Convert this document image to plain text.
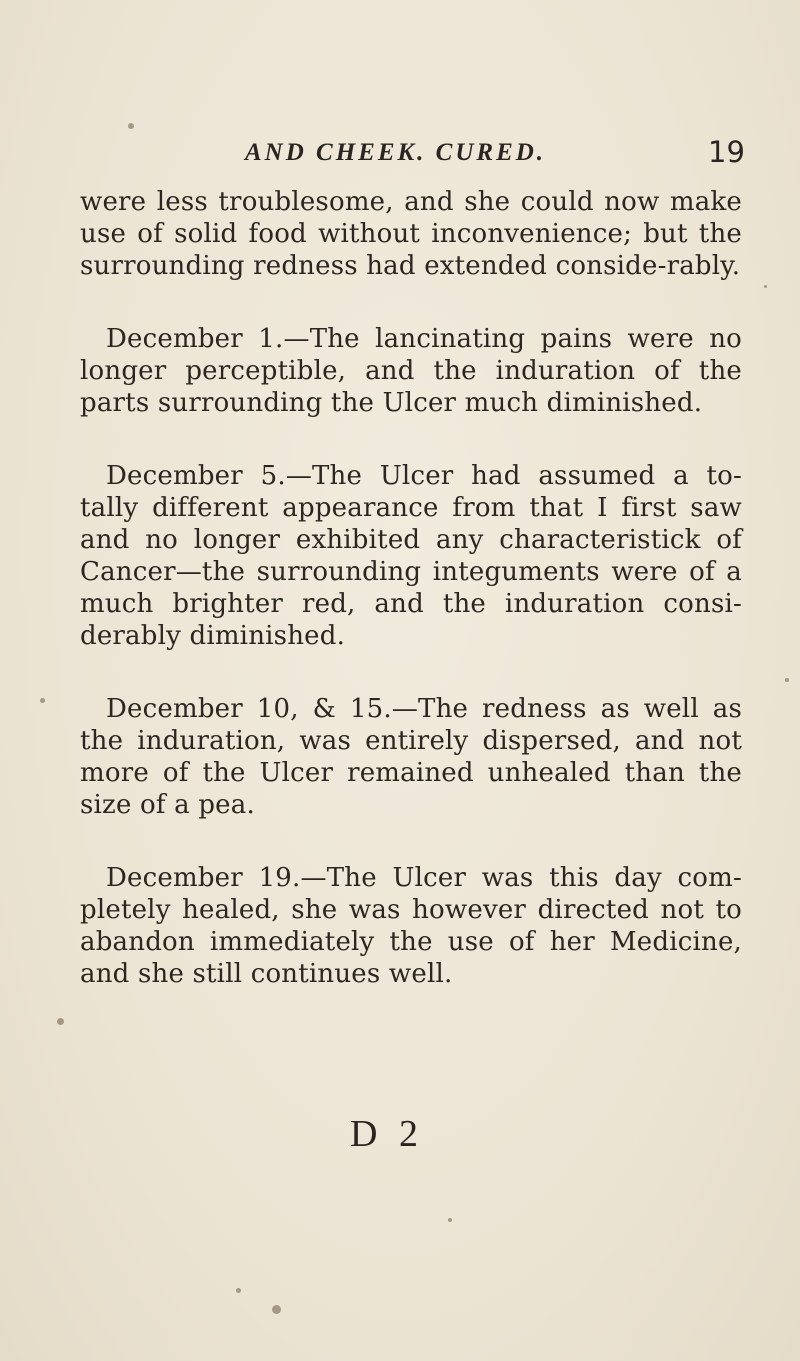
AND CHEEK. CURED.	19

were less troublesome, and she could now make use of solid food without inconvenience; but the surrounding redness had extended conside-rably.

December 1.—The lancinating pains were no longer perceptible, and the induration of the parts surrounding the Ulcer much diminished.

December 5.—The Ulcer had assumed a to-tally different appearance from that I first saw and no longer exhibited any characteristick of Cancer—the surrounding integuments were of a much brighter red, and the induration consi-derably diminished.

December 10, & 15.—The redness as well as the induration, was entirely dispersed, and not more of the Ulcer remained unhealed than the size of a pea.

December 19.—The Ulcer was this day com-pletely healed, she was however directed not to abandon immediately the use of her Medicine, and she still continues well.

D 2
